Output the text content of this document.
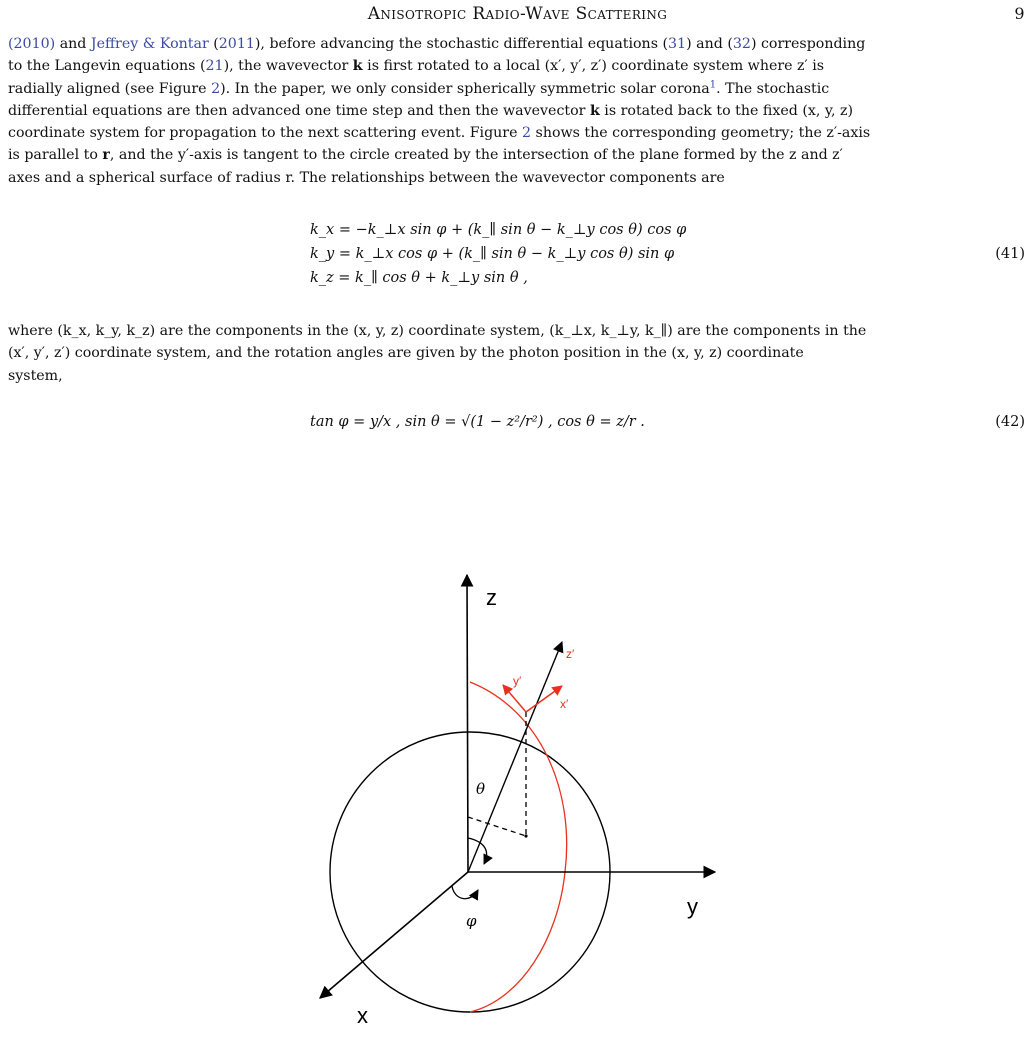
Anisotropic Radio-Wave Scattering	9
(2010) and Jeffrey & Kontar (2011), before advancing the stochastic differential equations (31) and (32) corresponding
to the Langevin equations (21), the wavevector k is first rotated to a local (x′, y′, z′) coordinate system where z′ is
radially aligned (see Figure 2). In the paper, we only consider spherically symmetric solar corona$^1$. The stochastic
differential equations are then advanced one time step and then the wavevector k is rotated back to the fixed (x, y, z)
coordinate system for propagation to the next scattering event. Figure 2 shows the corresponding geometry; the z′-axis
is parallel to r, and the y′-axis is tangent to the circle created by the intersection of the plane formed by the z and z′
axes and a spherical surface of radius r. The relationships between the wavevector components are
k_x = −k_⊥x sin φ + (k_∥ sin θ − k_⊥y cos θ) cos φ
k_y = k_⊥x cos φ + (k_∥ sin θ − k_⊥y cos θ) sin φ
k_z = k_∥ cos θ + k_⊥y sin θ ,
(41)
where (k_x, k_y, k_z) are the components in the (x, y, z) coordinate system, (k_⊥x, k_⊥y, k_∥) are the components in the
(x′, y′, z′) coordinate system, and the rotation angles are given by the photon position in the (x, y, z) coordinate
system,
tan φ = y/x , sin θ = √(1 − z²/r²) , cos θ = z/r .	(42)
z
y
x
z′
y′
x′
θ
φ
